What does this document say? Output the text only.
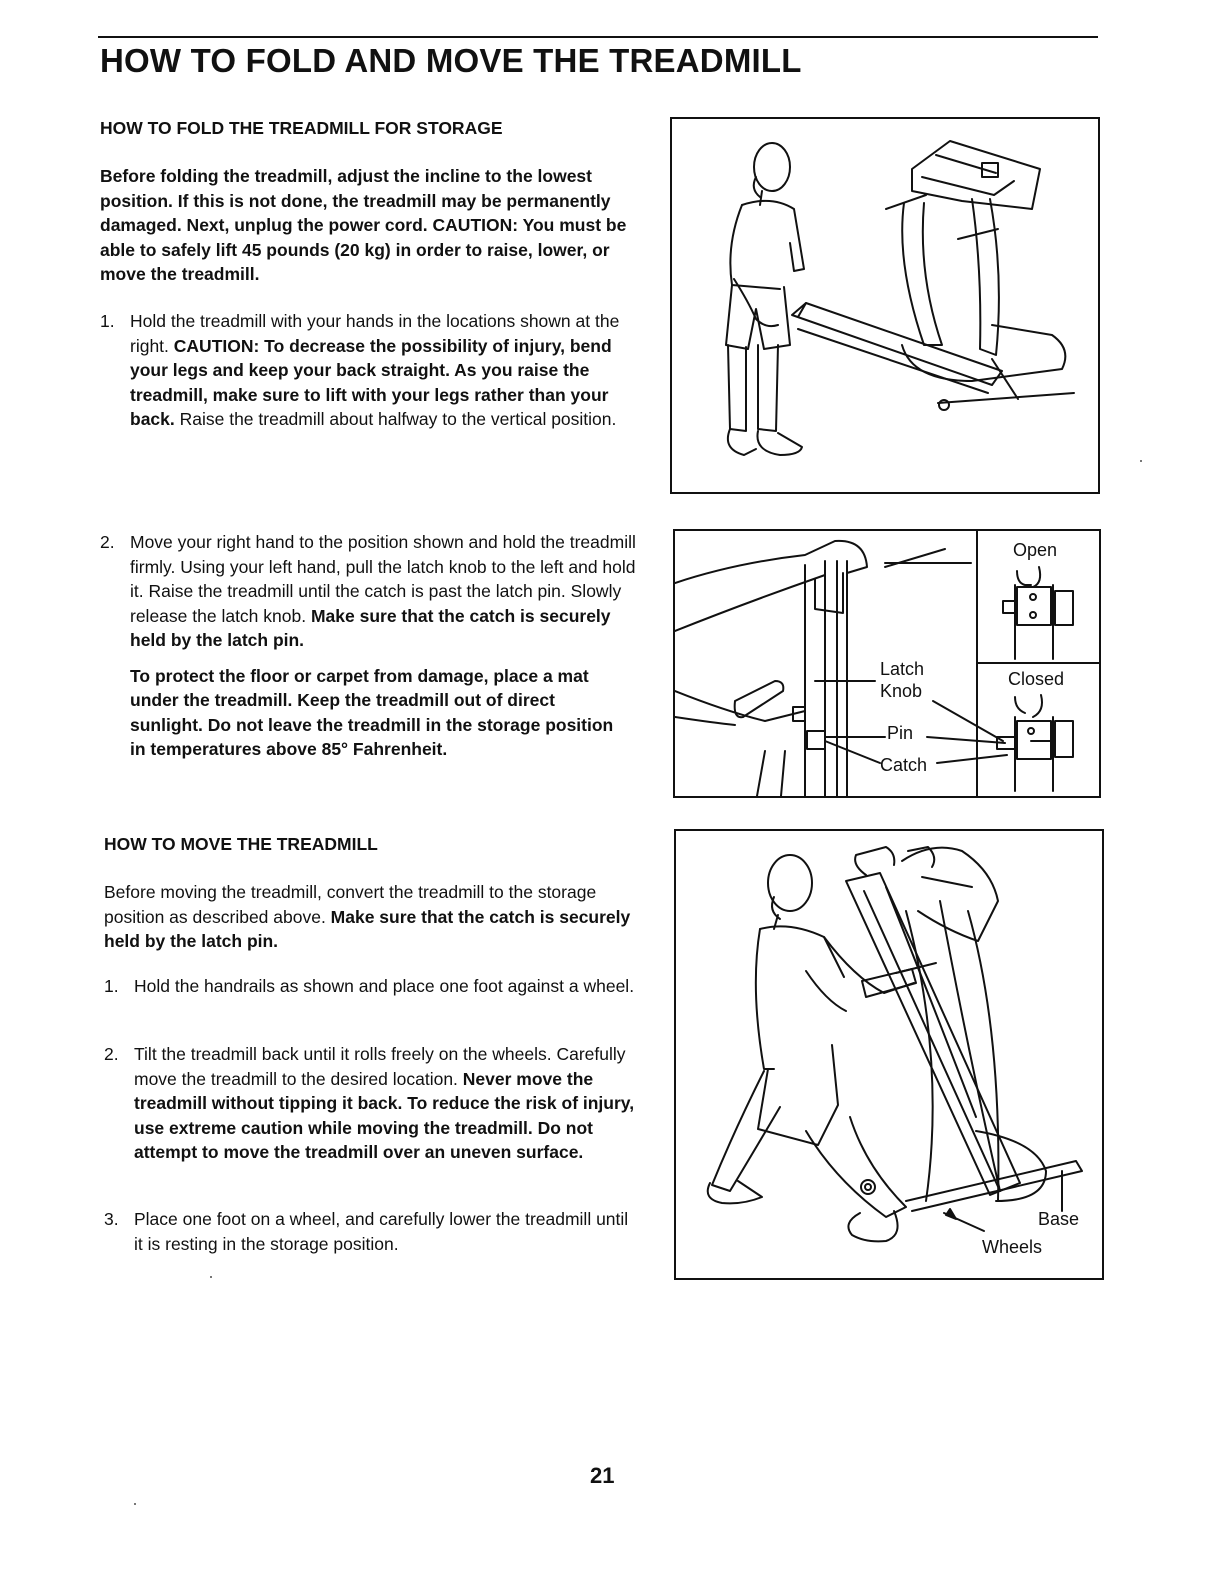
HOW TO FOLD AND MOVE THE TREADMILL
HOW TO FOLD THE TREADMILL FOR STORAGE
Before folding the treadmill, adjust the incline to the lowest position. If this is not done, the treadmill may be permanently damaged. Next, unplug the power cord. CAUTION: You must be able to safely lift 45 pounds (20 kg) in order to raise, lower, or move the treadmill.
1. Hold the treadmill with your hands in the locations shown at the right. CAUTION: To decrease the possibility of injury, bend your legs and keep your back straight. As you raise the treadmill, make sure to lift with your legs rather than your back. Raise the treadmill about halfway to the vertical position.
2. Move your right hand to the position shown and hold the treadmill firmly. Using your left hand, pull the latch knob to the left and hold it. Raise the treadmill until the catch is past the latch pin. Slowly release the latch knob. Make sure that the catch is securely held by the latch pin.
To protect the floor or carpet from damage, place a mat under the treadmill. Keep the treadmill out of direct sunlight. Do not leave the treadmill in the storage position in temperatures above 85° Fahrenheit.
HOW TO MOVE THE TREADMILL
Before moving the treadmill, convert the treadmill to the storage position as described above. Make sure that the catch is securely held by the latch pin.
1. Hold the handrails as shown and place one foot against a wheel.
2. Tilt the treadmill back until it rolls freely on the wheels. Carefully move the treadmill to the desired location. Never move the treadmill without tipping it back. To reduce the risk of injury, use extreme caution while moving the treadmill. Do not attempt to move the treadmill over an uneven surface.
3. Place one foot on a wheel, and carefully lower the treadmill until it is resting in the storage position.
Open
Closed
Latch
Knob
Pin
Catch
Base
Wheels
21
